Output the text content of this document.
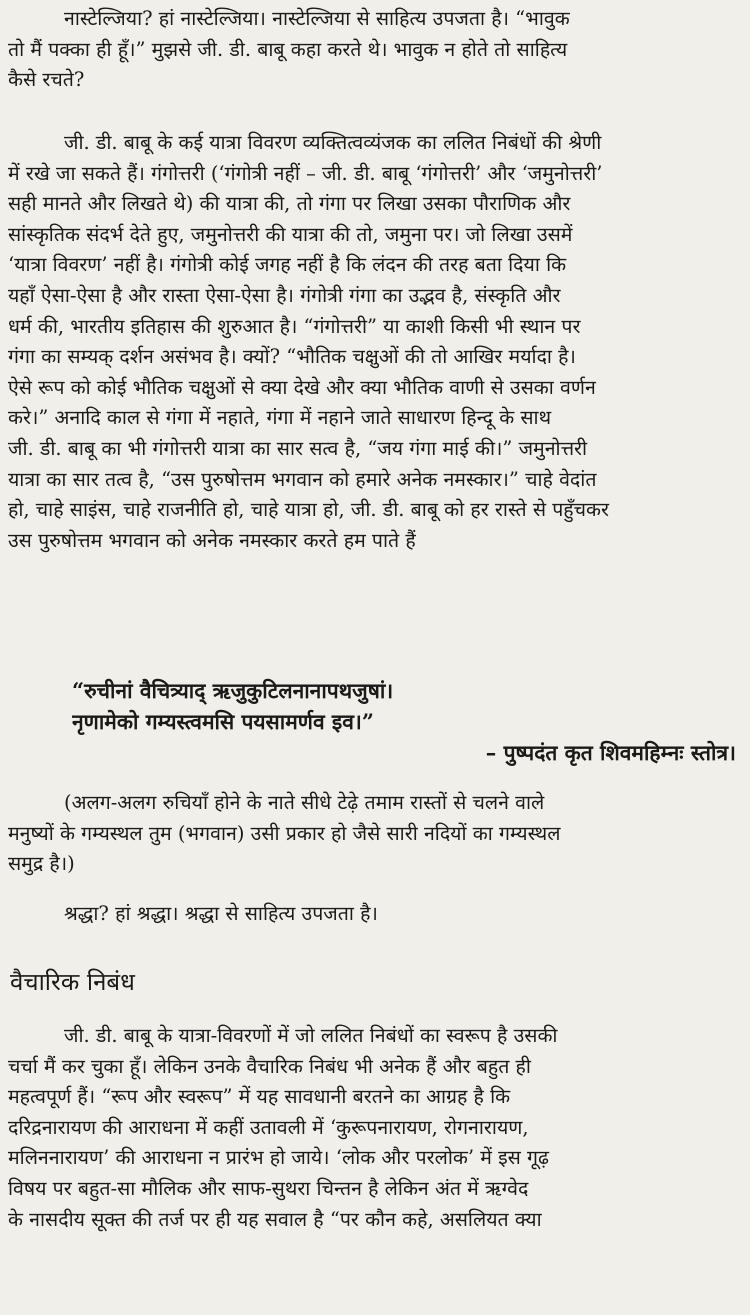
नास्टेल्जिया? हां नास्टेल्जिया। नास्टेल्जिया से साहित्य उपजता है। “भावुक
तो मैं पक्का ही हूँ।” मुझसे जी. डी. बाबू कहा करते थे। भावुक न होते तो साहित्य
कैसे रचते?

जी. डी. बाबू के कई यात्रा विवरण व्यक्तित्वव्यंजक का ललित निबंधों की श्रेणी
में रखे जा सकते हैं। गंगोत्तरी (‘गंगोत्री नहीं – जी. डी. बाबू ‘गंगोत्तरी’ और ‘जमुनोत्तरी’
सही मानते और लिखते थे) की यात्रा की, तो गंगा पर लिखा उसका पौराणिक और
सांस्कृतिक संदर्भ देते हुए, जमुनोत्तरी की यात्रा की तो, जमुना पर। जो लिखा उसमें
‘यात्रा विवरण’ नहीं है। गंगोत्री कोई जगह नहीं है कि लंदन की तरह बता दिया कि
यहाँ ऐसा-ऐसा है और रास्ता ऐसा-ऐसा है। गंगोत्री गंगा का उद्भव है, संस्कृति और
धर्म की, भारतीय इतिहास की शुरुआत है। “गंगोत्तरी” या काशी किसी भी स्थान पर
गंगा का सम्यक् दर्शन असंभव है। क्यों? “भौतिक चक्षुओं की तो आखिर मर्यादा है।
ऐसे रूप को कोई भौतिक चक्षुओं से क्या देखे और क्या भौतिक वाणी से उसका वर्णन
करे।” अनादि काल से गंगा में नहाते, गंगा में नहाने जाते साधारण हिन्दू के साथ
जी. डी. बाबू का भी गंगोत्तरी यात्रा का सार सत्व है, “जय गंगा माई की।” जमुनोत्तरी
यात्रा का सार तत्व है, “उस पुरुषोत्तम भगवान को हमारे अनेक नमस्कार।” चाहे वेदांत
हो, चाहे साइंस, चाहे राजनीति हो, चाहे यात्रा हो, जी. डी. बाबू को हर रास्ते से पहुँचकर
उस पुरुषोत्तम भगवान को अनेक नमस्कार करते हम पाते हैं

“रुचीनां वैचित्र्याद् ऋजुकुटिलनानापथजुषां।
नृणामेको गम्यस्त्वमसि पयसामर्णव इव।”
– पुष्पदंत कृत शिवमहिम्नः स्तोत्र।

(अलग-अलग रुचियाँ होने के नाते सीधे टेढ़े तमाम रास्तों से चलने वाले
मनुष्यों के गम्यस्थल तुम (भगवान) उसी प्रकार हो जैसे सारी नदियों का गम्यस्थल
समुद्र है।)

श्रद्धा? हां श्रद्धा। श्रद्धा से साहित्य उपजता है।

वैचारिक निबंध

जी. डी. बाबू के यात्रा-विवरणों में जो ललित निबंधों का स्वरूप है उसकी
चर्चा मैं कर चुका हूँ। लेकिन उनके वैचारिक निबंध भी अनेक हैं और बहुत ही
महत्वपूर्ण हैं। “रूप और स्वरूप” में यह सावधानी बरतने का आग्रह है कि
दरिद्रनारायण की आराधना में कहीं उतावली में ‘कुरूपनारायण, रोगनारायण,
मलिननारायण’ की आराधना न प्रारंभ हो जाये। ‘लोक और परलोक’ में इस गूढ़
विषय पर बहुत-सा मौलिक और साफ-सुथरा चिन्तन है लेकिन अंत में ऋग्वेद
के नासदीय सूक्त की तर्ज पर ही यह सवाल है “पर कौन कहे, असलियत क्या
